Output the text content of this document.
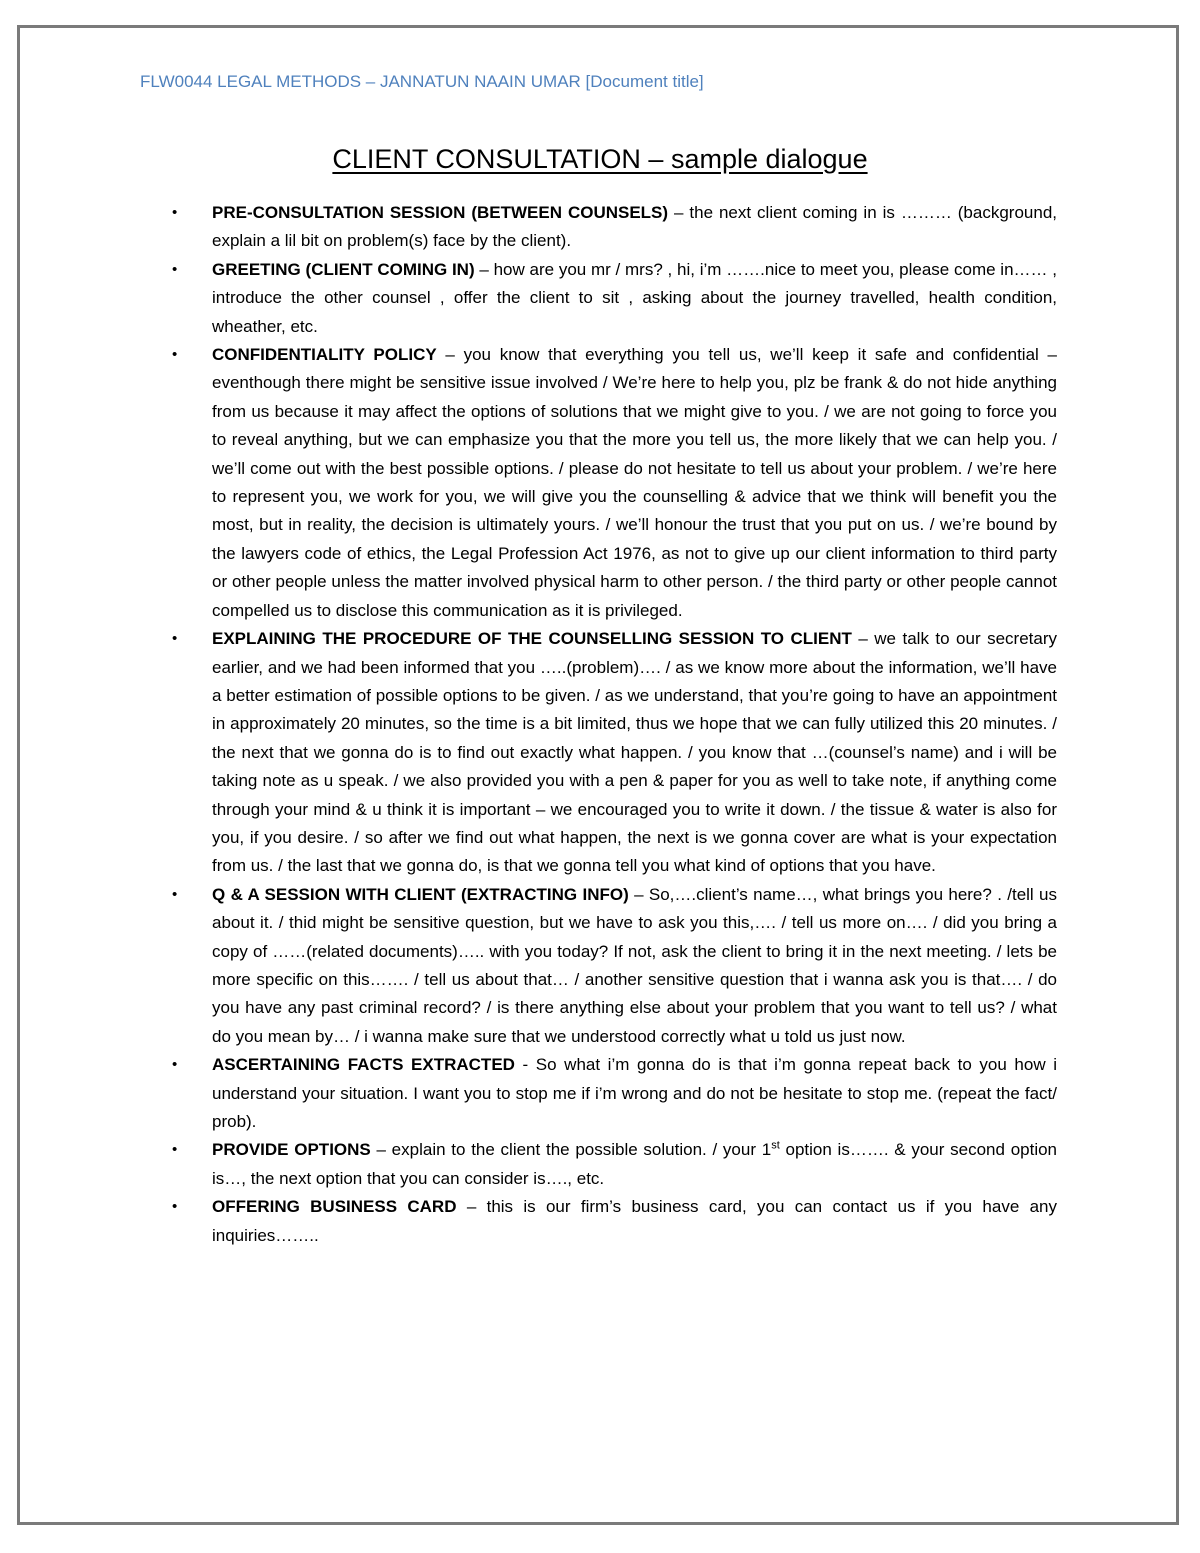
FLW0044 LEGAL METHODS – JANNATUN NAAIN UMAR [Document title]
CLIENT CONSULTATION – sample dialogue
• PRE-CONSULTATION SESSION (BETWEEN COUNSELS) – the next client coming in is ……… (background, explain a lil bit on problem(s) face by the client).
• GREETING (CLIENT COMING IN) – how are you mr / mrs? , hi, i’m …….nice to meet you, please come in…… , introduce the other counsel , offer the client to sit , asking about the journey travelled, health condition, wheather, etc.
• CONFIDENTIALITY POLICY – you know that everything you tell us, we’ll keep it safe and confidential – eventhough there might be sensitive issue involved / We’re here to help you, plz be frank & do not hide anything from us because it may affect the options of solutions that we might give to you. / we are not going to force you to reveal anything, but we can emphasize you that the more you tell us, the more likely that we can help you. / we’ll come out with the best possible options. / please do not hesitate to tell us about your problem. / we’re here to represent you, we work for you, we will give you the counselling & advice that we think will benefit you the most, but in reality, the decision is ultimately yours. / we’ll honour the trust that you put on us. / we’re bound by the lawyers code of ethics, the Legal Profession Act 1976, as not to give up our client information to third party or other people unless the matter involved physical harm to other person. / the third party or other people cannot compelled us to disclose this communication as it is privileged.
• EXPLAINING THE PROCEDURE OF THE COUNSELLING SESSION TO CLIENT – we talk to our secretary earlier, and we had been informed that you …..(problem)…. / as we know more about the information, we’ll have a better estimation of possible options to be given. / as we understand, that you’re going to have an appointment in approximately 20 minutes, so the time is a bit limited, thus we hope that we can fully utilized this 20 minutes. / the next that we gonna do is to find out exactly what happen. / you know that …(counsel’s name) and i will be taking note as u speak. / we also provided you with a pen & paper for you as well to take note, if anything come through your mind & u think it is important – we encouraged you to write it down. / the tissue & water is also for you, if you desire. / so after we find out what happen, the next is we gonna cover are what is your expectation from us. / the last that we gonna do, is that we gonna tell you what kind of options that you have.
• Q & A SESSION WITH CLIENT (EXTRACTING INFO) – So,….client’s name…, what brings you here? . /tell us about it. / thid might be sensitive question, but we have to ask you this,…. / tell us more on…. / did you bring a copy of ……(related documents)….. with you today? If not, ask the client to bring it in the next meeting. / lets be more specific on this……. / tell us about that… / another sensitive question that i wanna ask you is that…. / do you have any past criminal record? / is there anything else about your problem that you want to tell us? / what do you mean by… / i wanna make sure that we understood correctly what u told us just now.
• ASCERTAINING FACTS EXTRACTED - So what i’m gonna do is that i’m gonna repeat back to you how i understand your situation. I want you to stop me if i’m wrong and do not be hesitate to stop me. (repeat the fact/ prob).
• PROVIDE OPTIONS – explain to the client the possible solution. / your 1st option is……. & your second option is…, the next option that you can consider is…., etc.
• OFFERING BUSINESS CARD – this is our firm’s business card, you can contact us if you have any inquiries……..
